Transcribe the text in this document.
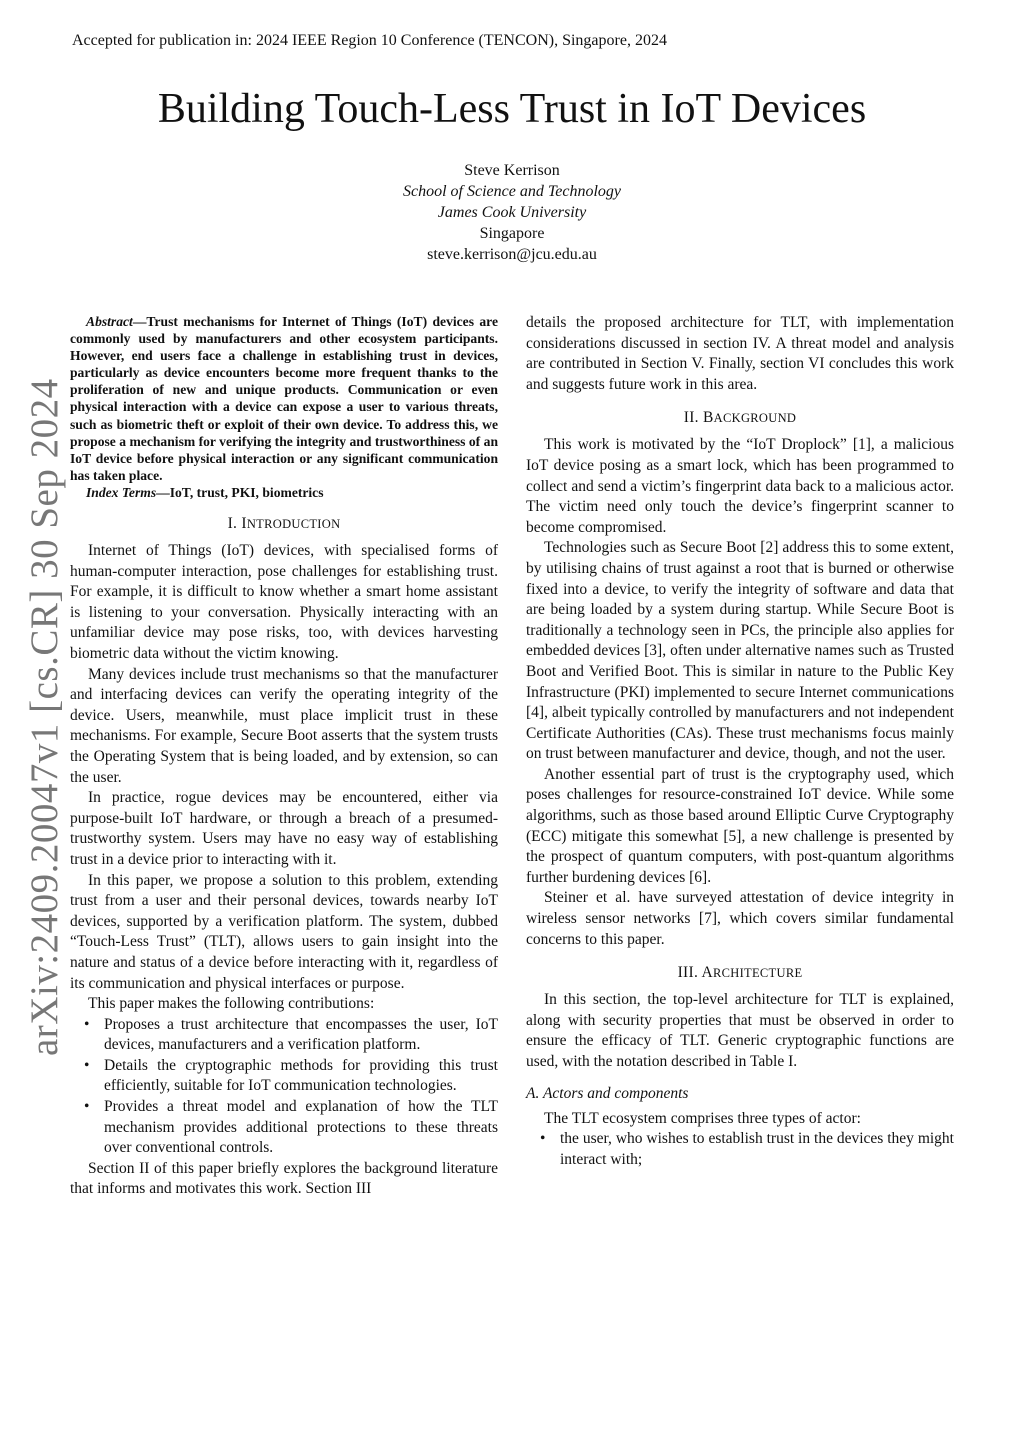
Accepted for publication in: 2024 IEEE Region 10 Conference (TENCON), Singapore, 2024
Building Touch-Less Trust in IoT Devices
Steve Kerrison
School of Science and Technology
James Cook University
Singapore
steve.kerrison@jcu.edu.au
arXiv:2409.20047v1 [cs.CR] 30 Sep 2024

Abstract—Trust mechanisms for Internet of Things (IoT) devices are commonly used by manufacturers and other ecosystem participants. However, end users face a challenge in establishing trust in devices, particularly as device encounters become more frequent thanks to the proliferation of new and unique products. Communication or even physical interaction with a device can expose a user to various threats, such as biometric theft or exploit of their own device. To address this, we propose a mechanism for verifying the integrity and trustworthiness of an IoT device before physical interaction or any significant communication has taken place.

Index Terms—IoT, trust, PKI, biometrics

I. INTRODUCTION

Internet of Things (IoT) devices, with specialised forms of human-computer interaction, pose challenges for establishing trust. For example, it is difficult to know whether a smart home assistant is listening to your conversation. Physically interacting with an unfamiliar device may pose risks, too, with devices harvesting biometric data without the victim knowing.

Many devices include trust mechanisms so that the manufacturer and interfacing devices can verify the operating integrity of the device. Users, meanwhile, must place implicit trust in these mechanisms. For example, Secure Boot asserts that the system trusts the Operating System that is being loaded, and by extension, so can the user.

In practice, rogue devices may be encountered, either via purpose-built IoT hardware, or through a breach of a presumed-trustworthy system. Users may have no easy way of establishing trust in a device prior to interacting with it.

In this paper, we propose a solution to this problem, extending trust from a user and their personal devices, towards nearby IoT devices, supported by a verification platform. The system, dubbed “Touch-Less Trust” (TLT), allows users to gain insight into the nature and status of a device before interacting with it, regardless of its communication and physical interfaces or purpose.

This paper makes the following contributions:

• Proposes a trust architecture that encompasses the user, IoT devices, manufacturers and a verification platform.
• Details the cryptographic methods for providing this trust efficiently, suitable for IoT communication technologies.
• Provides a threat model and explanation of how the TLT mechanism provides additional protections to these threats over conventional controls.

Section II of this paper briefly explores the background literature that informs and motivates this work. Section III

details the proposed architecture for TLT, with implementation considerations discussed in section IV. A threat model and analysis are contributed in Section V. Finally, section VI concludes this work and suggests future work in this area.

II. BACKGROUND

This work is motivated by the “IoT Droplock” [1], a malicious IoT device posing as a smart lock, which has been programmed to collect and send a victim’s fingerprint data back to a malicious actor. The victim need only touch the device’s fingerprint scanner to become compromised.

Technologies such as Secure Boot [2] address this to some extent, by utilising chains of trust against a root that is burned or otherwise fixed into a device, to verify the integrity of software and data that are being loaded by a system during startup. While Secure Boot is traditionally a technology seen in PCs, the principle also applies for embedded devices [3], often under alternative names such as Trusted Boot and Verified Boot. This is similar in nature to the Public Key Infrastructure (PKI) implemented to secure Internet communications [4], albeit typically controlled by manufacturers and not independent Certificate Authorities (CAs). These trust mechanisms focus mainly on trust between manufacturer and device, though, and not the user.

Another essential part of trust is the cryptography used, which poses challenges for resource-constrained IoT device. While some algorithms, such as those based around Elliptic Curve Cryptography (ECC) mitigate this somewhat [5], a new challenge is presented by the prospect of quantum computers, with post-quantum algorithms further burdening devices [6].

Steiner et al. have surveyed attestation of device integrity in wireless sensor networks [7], which covers similar fundamental concerns to this paper.

III. ARCHITECTURE

In this section, the top-level architecture for TLT is explained, along with security properties that must be observed in order to ensure the efficacy of TLT. Generic cryptographic functions are used, with the notation described in Table I.

A. Actors and components

The TLT ecosystem comprises three types of actor:

• the user, who wishes to establish trust in the devices they might interact with;
